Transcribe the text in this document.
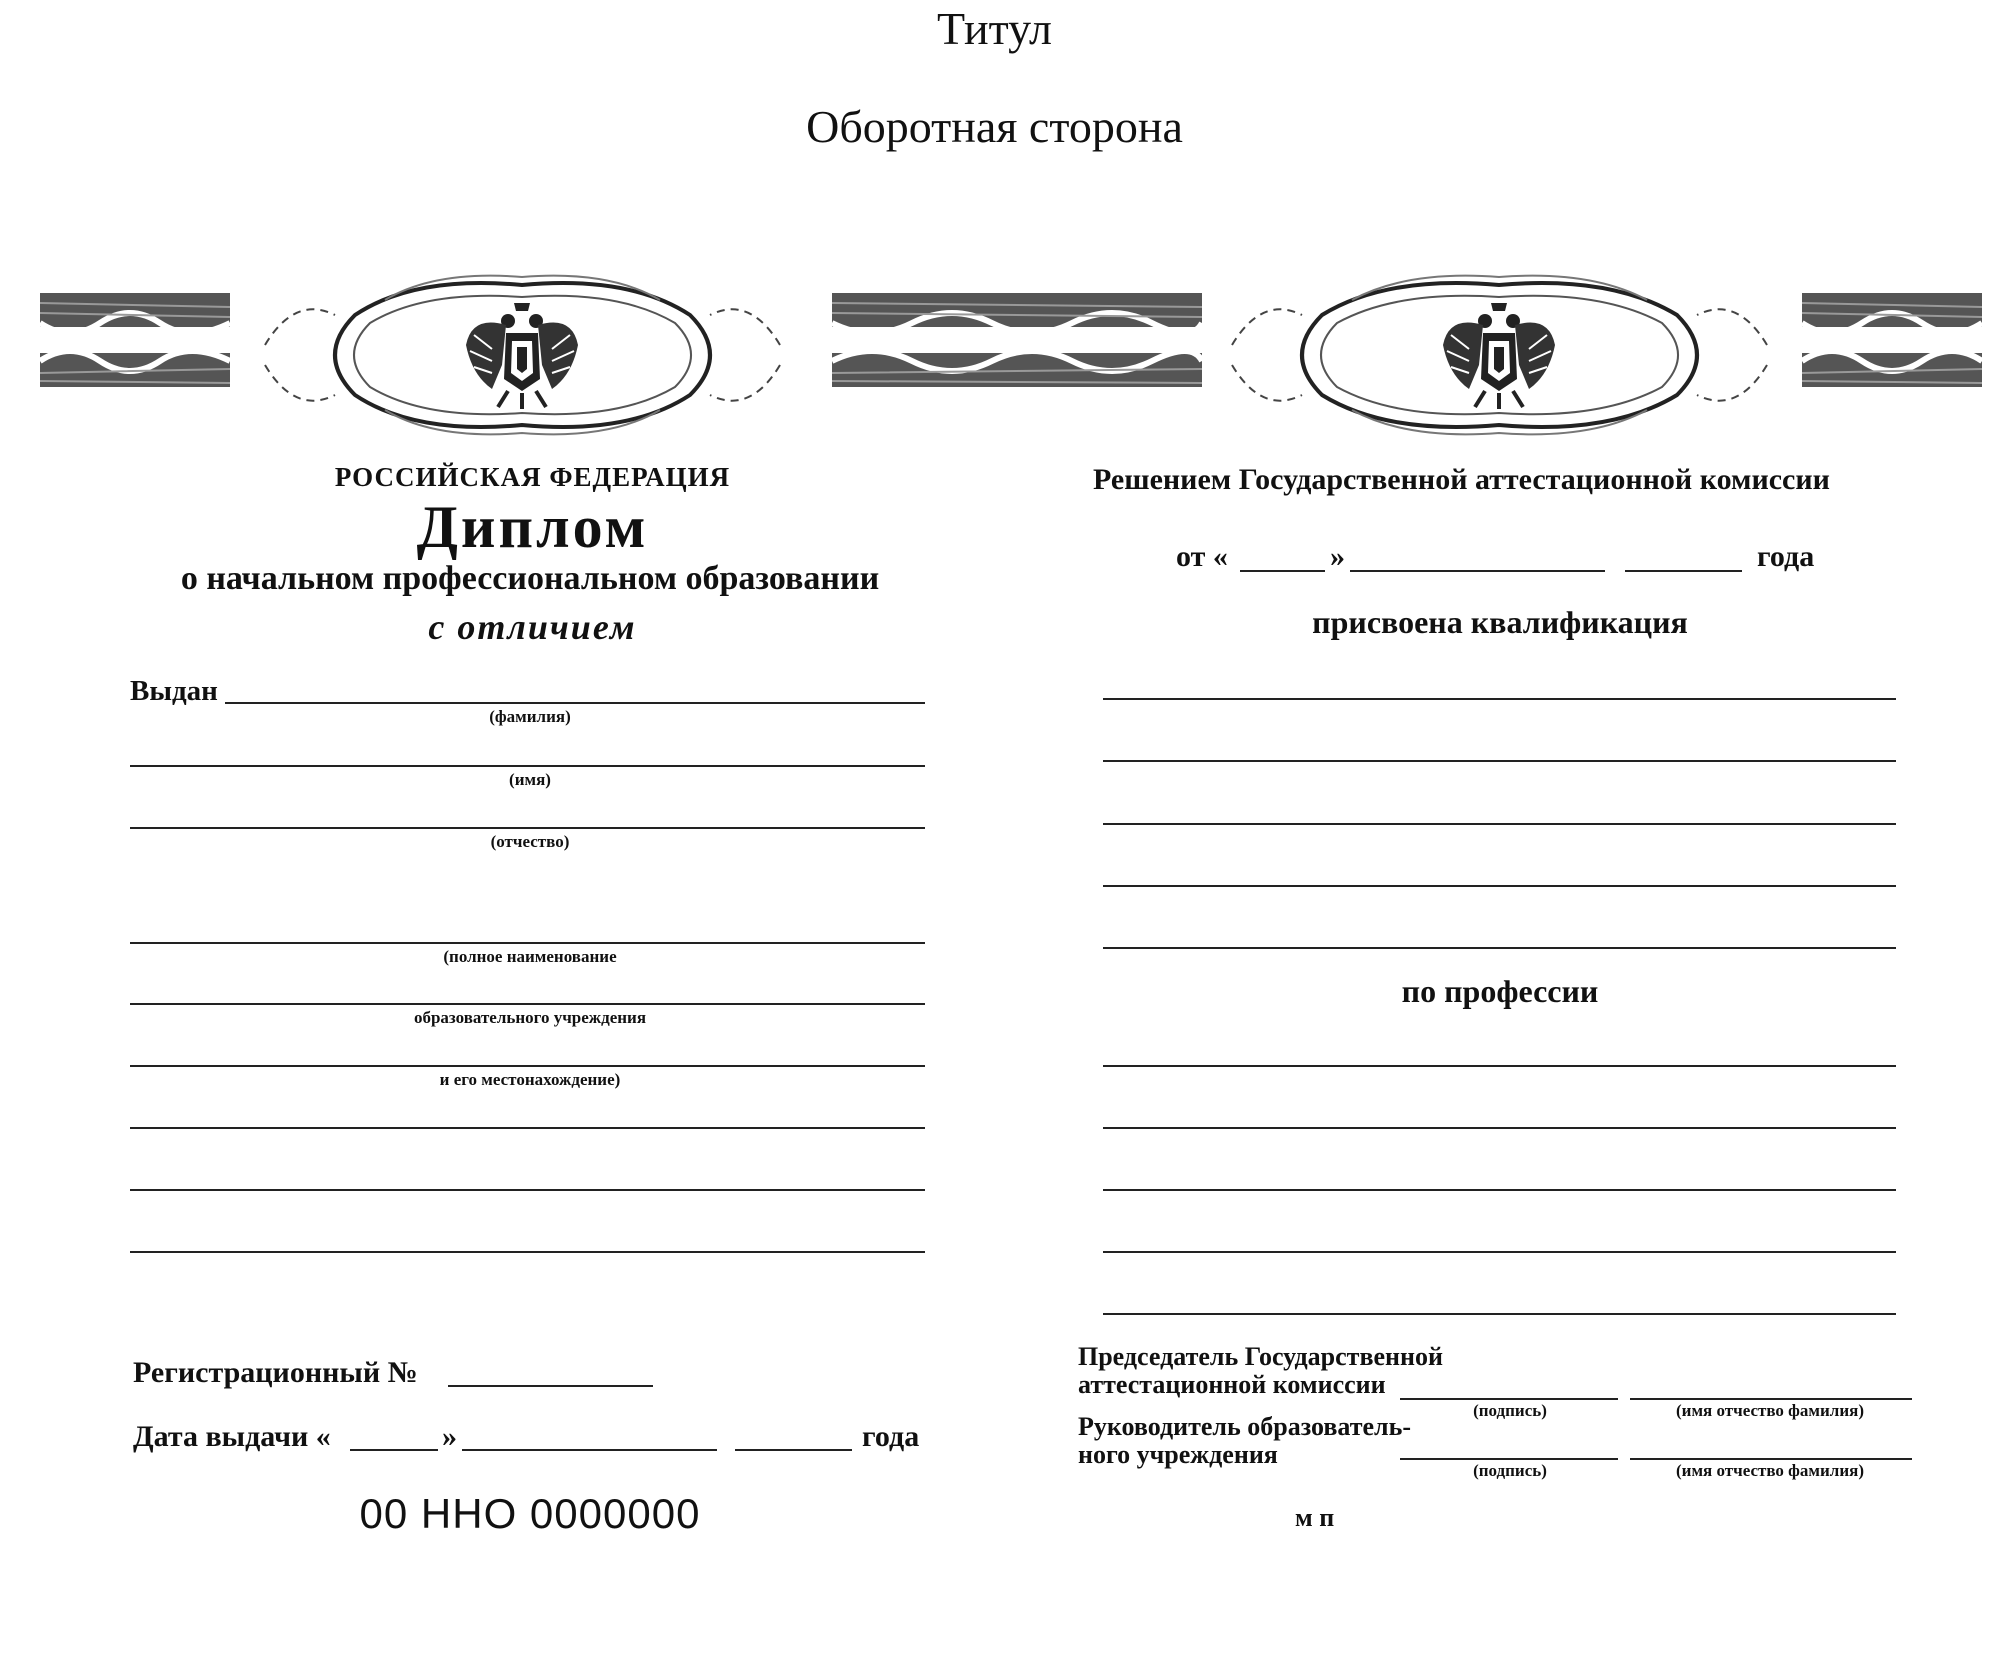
Титул
Оборотная сторона
РОССИЙСКАЯ ФЕДЕРАЦИЯ
Диплом
о начальном профессиональном образовании
с отличием
Выдан
(фамилия)
(имя)
(отчество)
(полное наименование
образовательного учреждения
и его местонахождение)
Регистрационный №
Дата выдачи «	»	года
00 ННО 0000000
Решением Государственной аттестационной комиссии
от «	»	года
присвоена квалификация
по профессии
Председатель Государственной
аттестационной комиссии
(подпись)	(имя отчество фамилия)
Руководитель образователь-
ного учреждения
(подпись)	(имя отчество фамилия)
м п
